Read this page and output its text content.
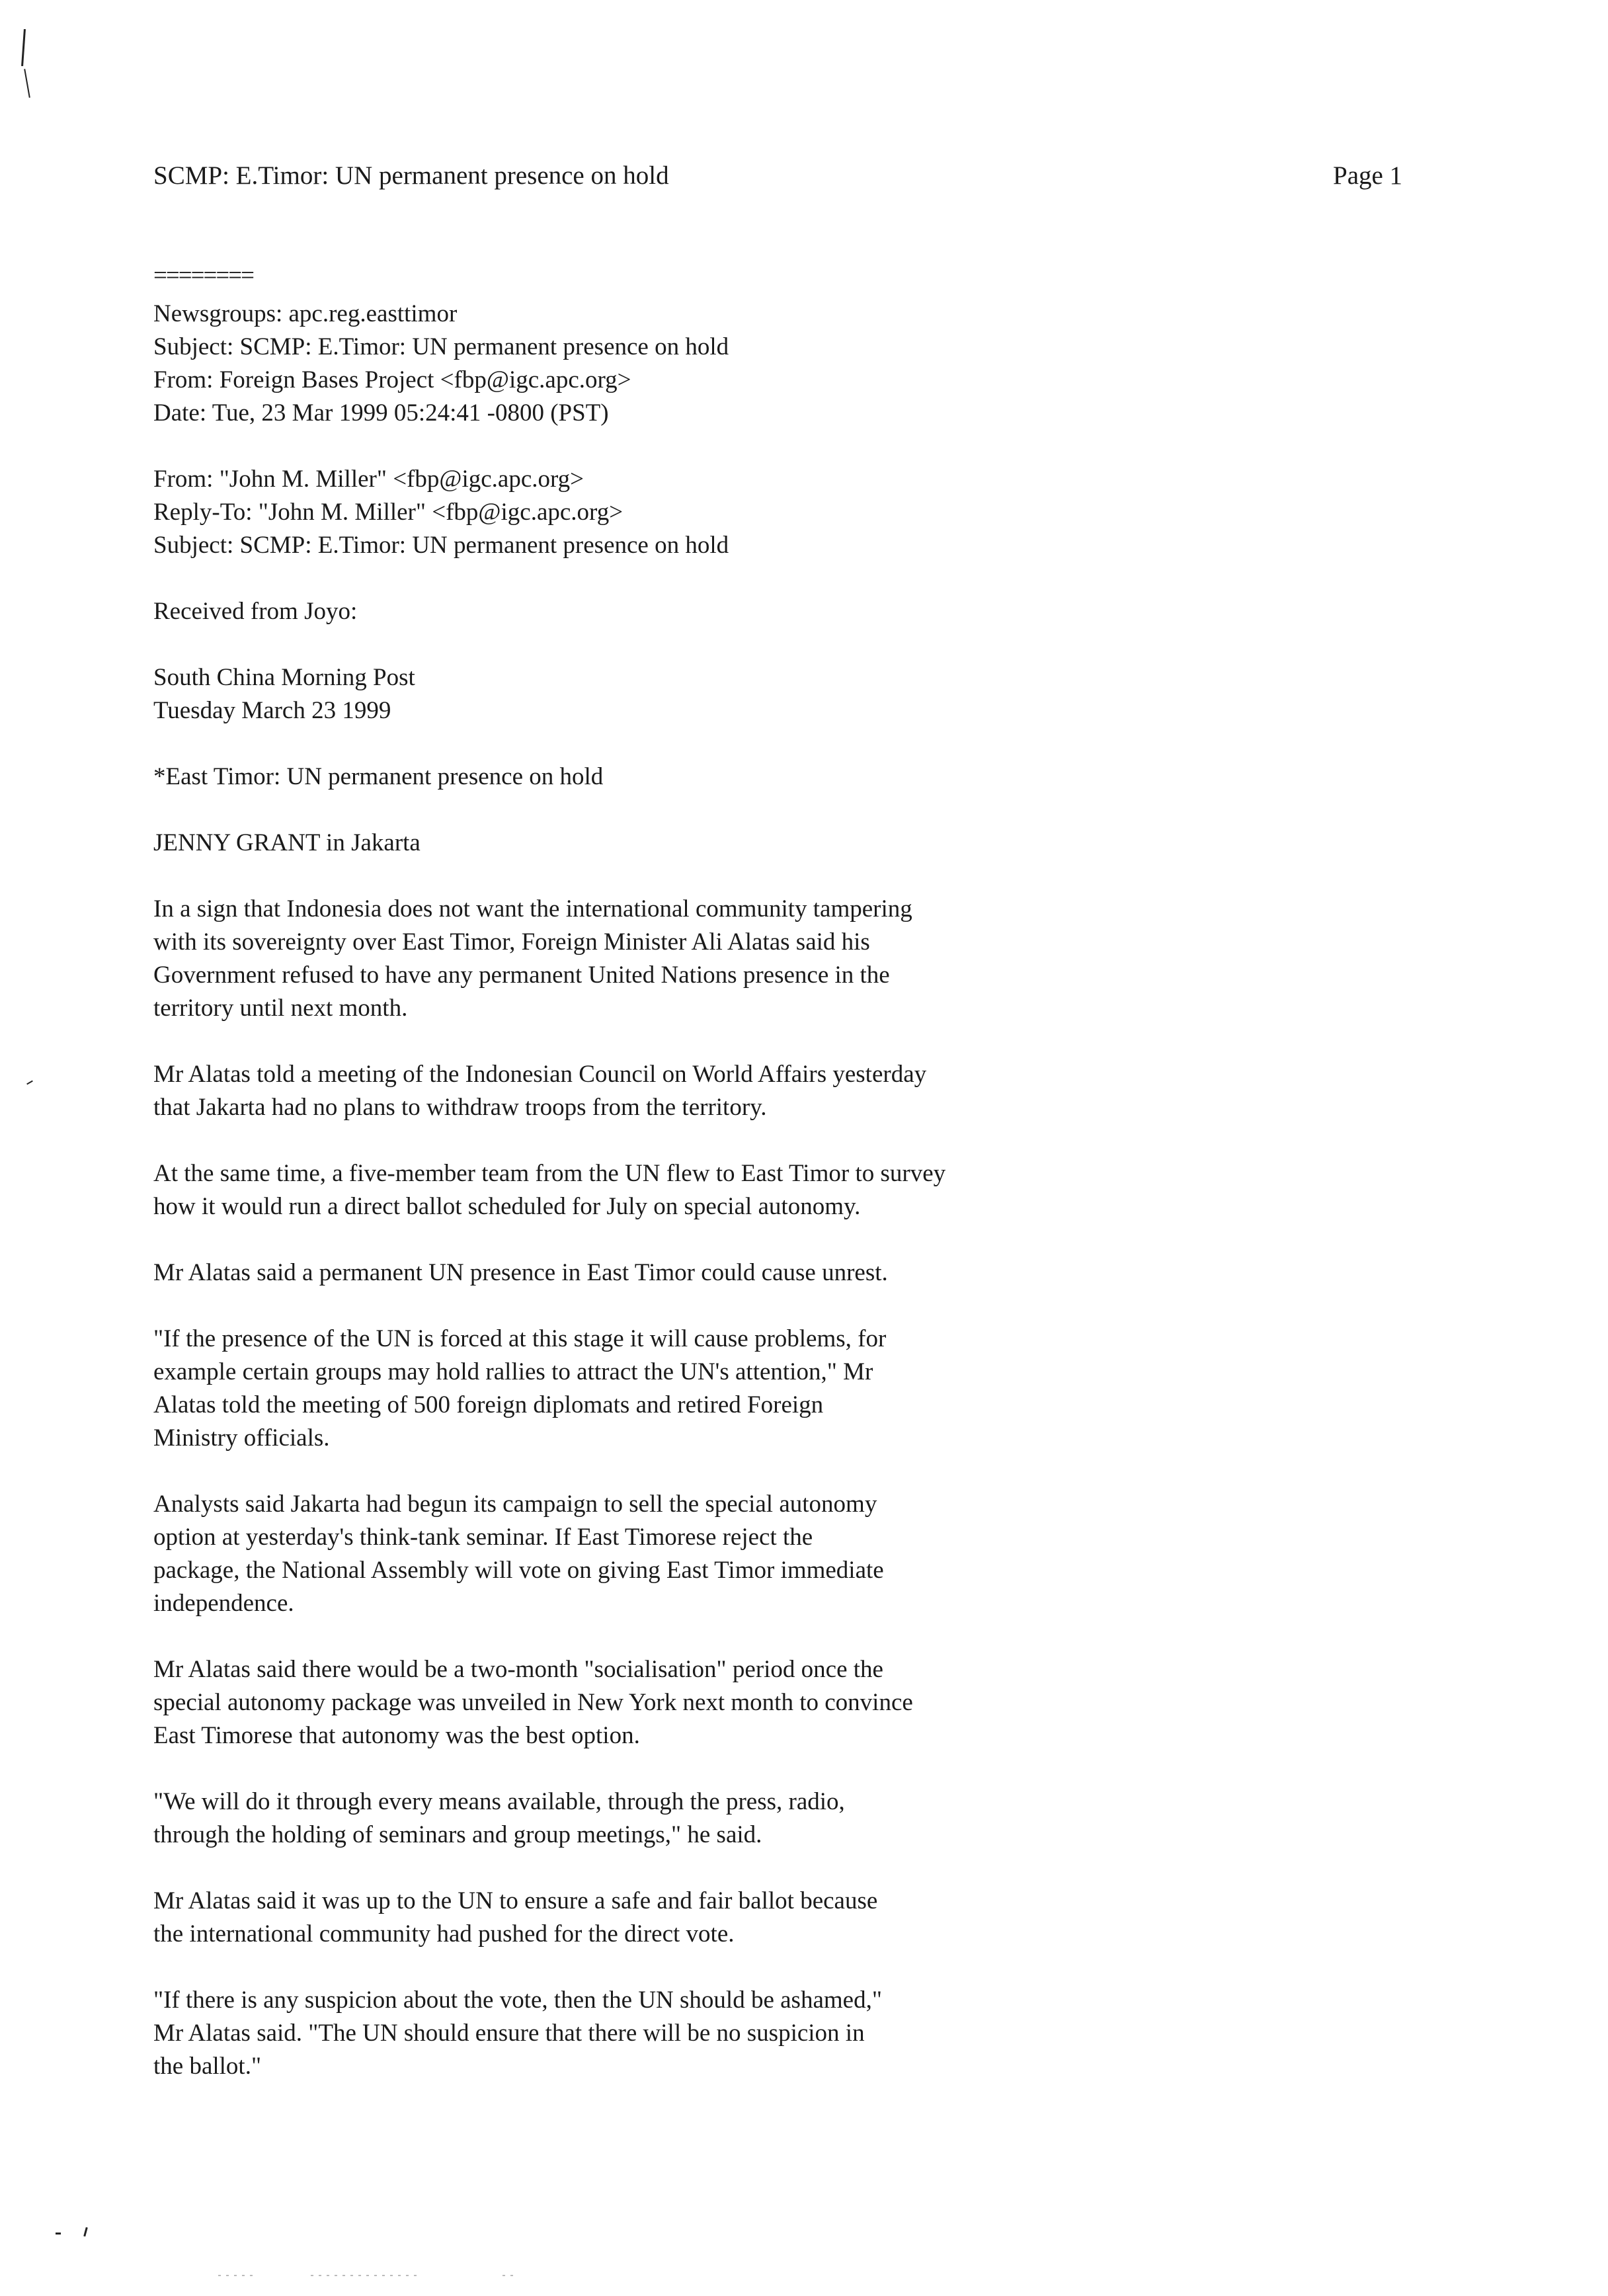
SCMP: E.Timor: UN permanent presence on hold	Page 1
========
Newsgroups: apc.reg.easttimor
Subject: SCMP: E.Timor: UN permanent presence on hold
From: Foreign Bases Project <fbp@igc.apc.org>
Date: Tue, 23 Mar 1999 05:24:41 -0800 (PST)
From: "John M. Miller" <fbp@igc.apc.org>
Reply-To: "John M. Miller" <fbp@igc.apc.org>
Subject: SCMP: E.Timor: UN permanent presence on hold
Received from Joyo:
South China Morning Post
Tuesday March 23 1999
*East Timor: UN permanent presence on hold
JENNY GRANT in Jakarta
In a sign that Indonesia does not want the international community tampering
with its sovereignty over East Timor, Foreign Minister Ali Alatas said his
Government refused to have any permanent United Nations presence in the
territory until next month.
Mr Alatas told a meeting of the Indonesian Council on World Affairs yesterday
that Jakarta had no plans to withdraw troops from the territory.
At the same time, a five-member team from the UN flew to East Timor to survey
how it would run a direct ballot scheduled for July on special autonomy.
Mr Alatas said a permanent UN presence in East Timor could cause unrest.
"If the presence of the UN is forced at this stage it will cause problems, for
example certain groups may hold rallies to attract the UN's attention," Mr
Alatas told the meeting of 500 foreign diplomats and retired Foreign
Ministry officials.
Analysts said Jakarta had begun its campaign to sell the special autonomy
option at yesterday's think-tank seminar. If East Timorese reject the
package, the National Assembly will vote on giving East Timor immediate
independence.
Mr Alatas said there would be a two-month "socialisation" period once the
special autonomy package was unveiled in New York next month to convince
East Timorese that autonomy was the best option.
"We will do it through every means available, through the press, radio,
through the holding of seminars and group meetings," he said.
Mr Alatas said it was up to the UN to ensure a safe and fair ballot because
the international community had pushed for the direct vote.
"If there is any suspicion about the vote, then the UN should be ashamed,"
Mr Alatas said. "The UN should ensure that there will be no suspicion in
the ballot."
